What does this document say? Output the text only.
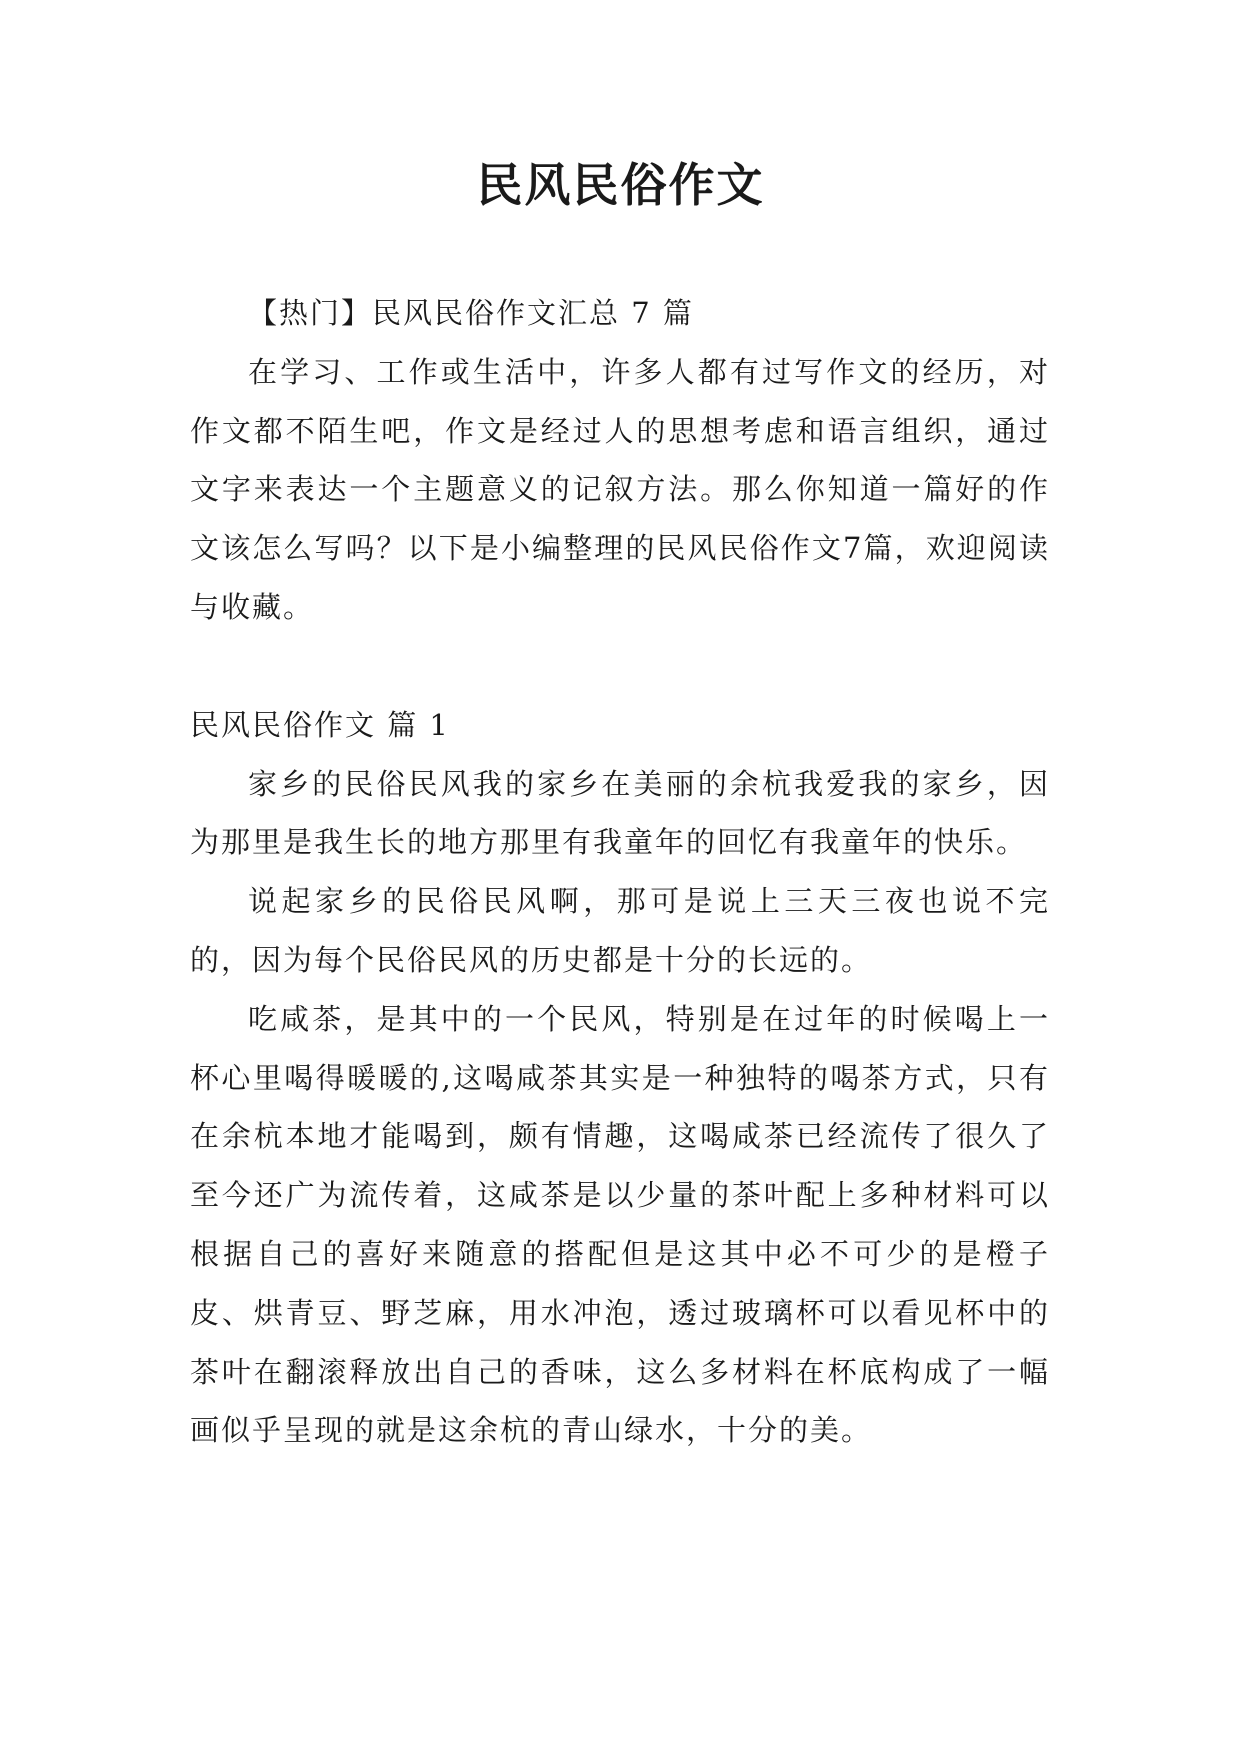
民风民俗作文

【热门】民风民俗作文汇总 7 篇

在学习、工作或生活中，许多人都有过写作文的经历，对作文都不陌生吧，作文是经过人的思想考虑和语言组织，通过文字来表达一个主题意义的记叙方法。那么你知道一篇好的作文该怎么写吗？以下是小编整理的民风民俗作文7篇，欢迎阅读与收藏。

民风民俗作文 篇 1

家乡的民俗民风我的家乡在美丽的余杭我爱我的家乡，因为那里是我生长的地方那里有我童年的回忆有我童年的快乐。

说起家乡的民俗民风啊，那可是说上三天三夜也说不完的，因为每个民俗民风的历史都是十分的长远的。

吃咸茶，是其中的一个民风，特别是在过年的时候喝上一杯心里喝得暖暖的,这喝咸茶其实是一种独特的喝茶方式，只有在余杭本地才能喝到，颇有情趣，这喝咸茶已经流传了很久了至今还广为流传着，这咸茶是以少量的茶叶配上多种材料可以根据自己的喜好来随意的搭配但是这其中必不可少的是橙子皮、烘青豆、野芝麻，用水冲泡，透过玻璃杯可以看见杯中的茶叶在翻滚释放出自己的香味，这么多材料在杯底构成了一幅画似乎呈现的就是这余杭的青山绿水，十分的美。
